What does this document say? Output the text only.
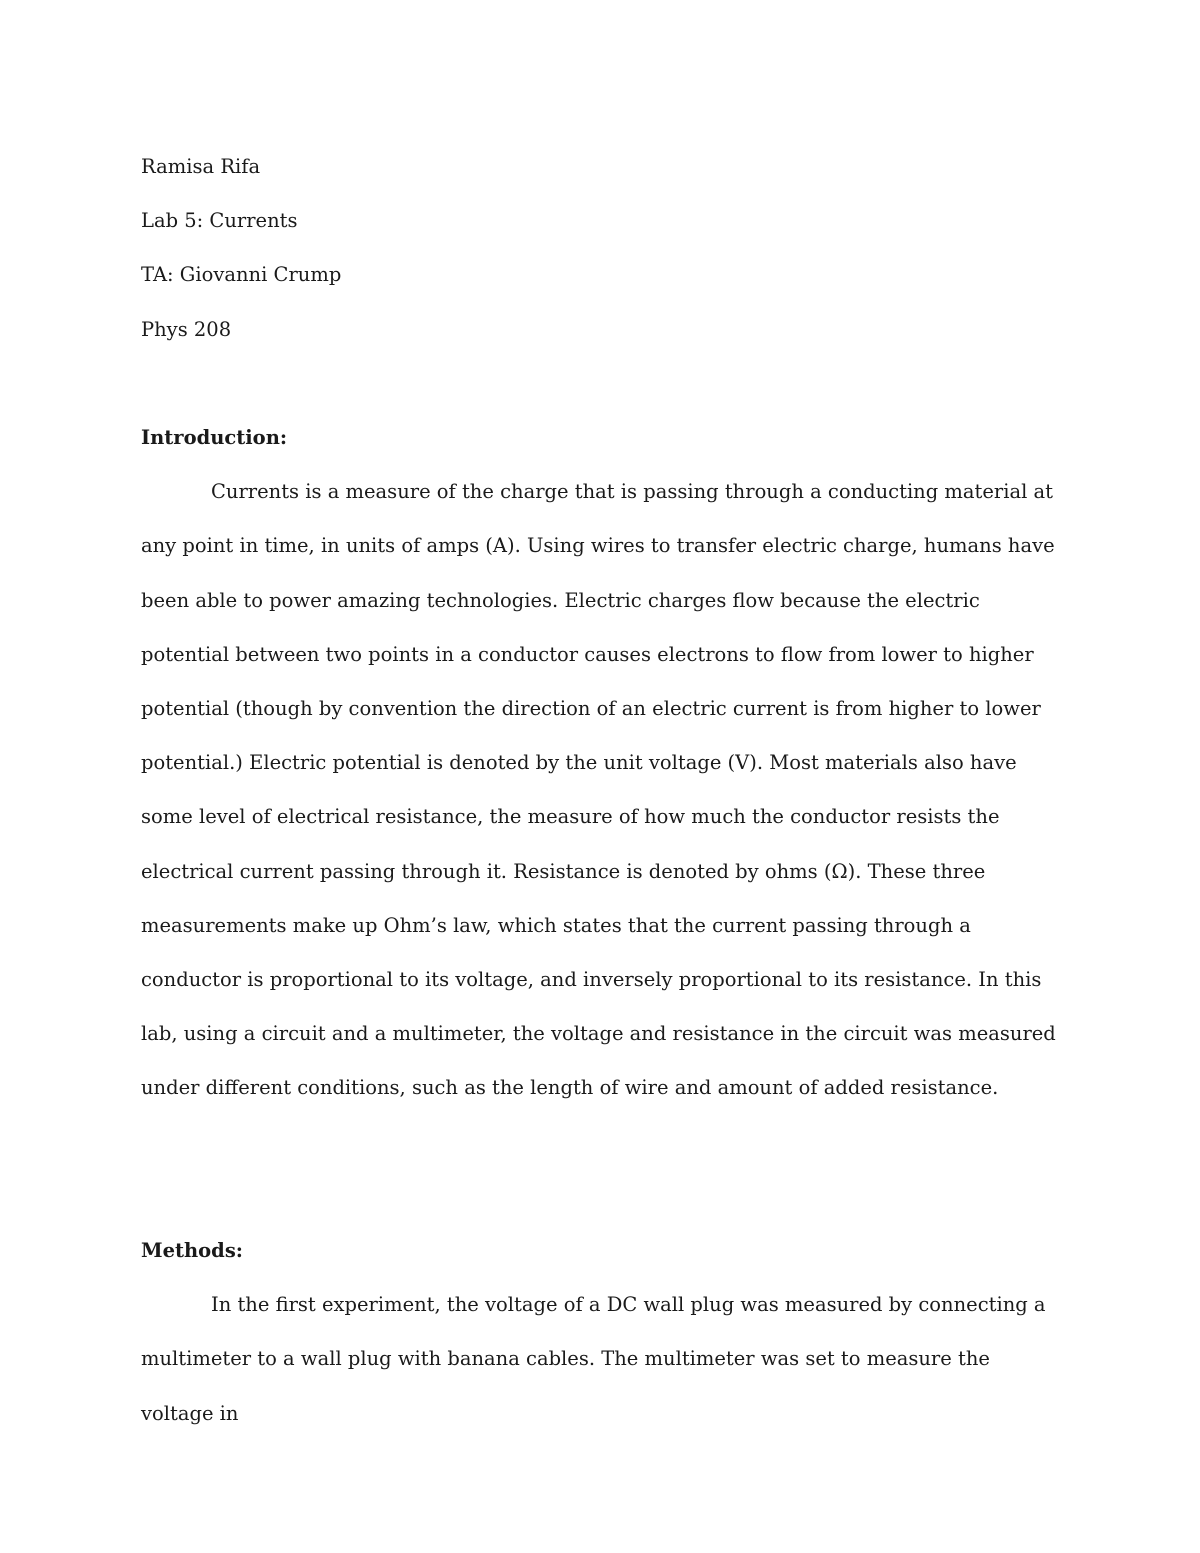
Ramisa Rifa

Lab 5: Currents

TA: Giovanni Crump

Phys 208

Introduction:

Currents is a measure of the charge that is passing through a conducting material at any point in time, in units of amps (A). Using wires to transfer electric charge, humans have been able to power amazing technologies. Electric charges flow because the electric potential between two points in a conductor causes electrons to flow from lower to higher potential (though by convention the direction of an electric current is from higher to lower potential.) Electric potential is denoted by the unit voltage (V). Most materials also have some level of electrical resistance, the measure of how much the conductor resists the electrical current passing through it. Resistance is denoted by ohms (Ω). These three measurements make up Ohm’s law, which states that the current passing through a conductor is proportional to its voltage, and inversely proportional to its resistance. In this lab, using a circuit and a multimeter, the voltage and resistance in the circuit was measured under different conditions, such as the length of wire and amount of added resistance.

Methods:

In the first experiment, the voltage of a DC wall plug was measured by connecting a multimeter to a wall plug with banana cables. The multimeter was set to measure the voltage in
